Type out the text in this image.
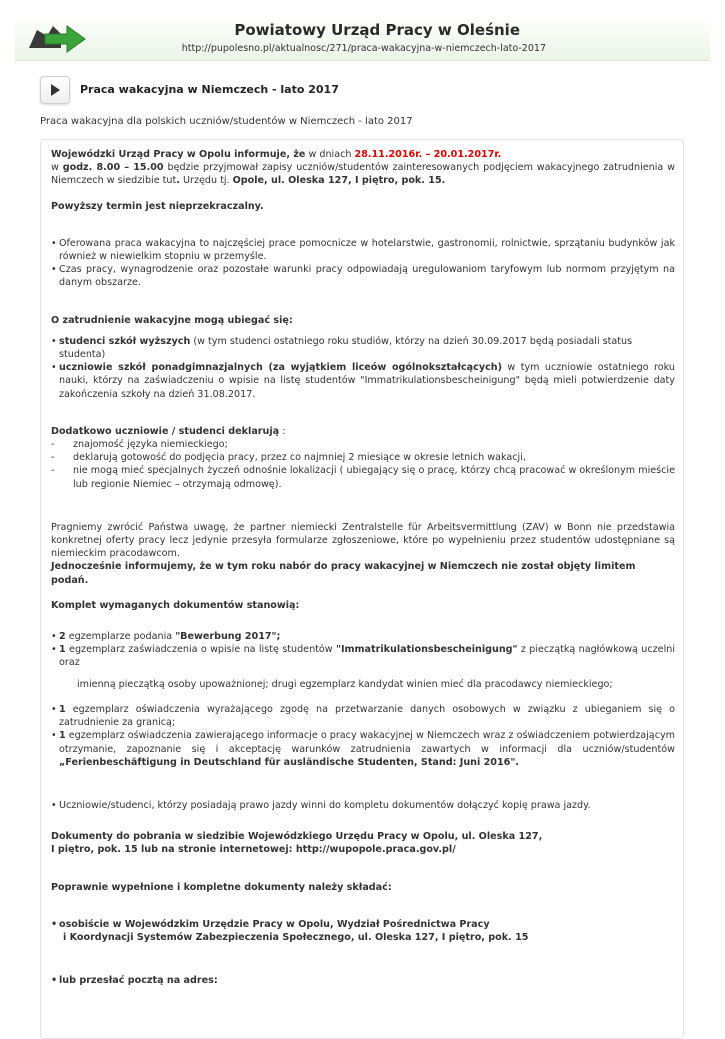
Powiatowy Urząd Pracy w Oleśnie
http://pupolesno.pl/aktualnosc/271/praca-wakacyjna-w-niemczech-lato-2017
Praca wakacyjna w Niemczech - lato 2017
Praca wakacyjna dla polskich uczniów/studentów w Niemczech - lato 2017

Wojewódzki Urząd Pracy w Opolu informuje, że w dniach 28.11.2016r. – 20.01.2017r.
w godz. 8.00 – 15.00 będzie przyjmował zapisy uczniów/studentów zainteresowanych podjęciem wakacyjnego zatrudnienia w Niemczech w siedzibie tut. Urzędu tj. Opole, ul. Oleska 127, I piętro, pok. 15.

Powyższy termin jest nieprzekraczalny.

• Oferowana praca wakacyjna to najczęściej prace pomocnicze w hotelarstwie, gastronomii, rolnictwie, sprzątaniu budynków jak również w niewielkim stopniu w przemyśle.
• Czas pracy, wynagrodzenie oraz pozostałe warunki pracy odpowiadają uregulowaniom taryfowym lub normom przyjętym na danym obszarze.

O zatrudnienie wakacyjne mogą ubiegać się:

• studenci szkół wyższych (w tym studenci ostatniego roku studiów, którzy na dzień 30.09.2017 będą posiadali status studenta)
• uczniowie szkół ponadgimnazjalnych (za wyjątkiem liceów ogólnokształcących) w tym uczniowie ostatniego roku nauki, którzy na zaświadczeniu o wpisie na listę studentów "Immatrikulationsbescheinigung" będą mieli potwierdzenie daty zakończenia szkoły na dzień 31.08.2017.

Dodatkowo uczniowie / studenci deklarują :

- znajomość języka niemieckiego;
- deklarują gotowość do podjęcia pracy, przez co najmniej 2 miesiące w okresie letnich wakacji,
- nie mogą mieć specjalnych życzeń odnośnie lokalizacji ( ubiegający się o pracę, którzy chcą pracować w określonym mieście lub regionie Niemiec – otrzymają odmowę).

Pragniemy zwrócić Państwa uwagę, że partner niemiecki Zentralstelle für Arbeitsvermittlung (ZAV) w Bonn nie przedstawia konkretnej oferty pracy lecz jedynie przesyła formularze zgłoszeniowe, które po wypełnieniu przez studentów udostępniane są niemieckim pracodawcom.

Jednocześnie informujemy, że w tym roku nabór do pracy wakacyjnej w Niemczech nie został objęty limitem podań.

Komplet wymaganych dokumentów stanowią:

• 2 egzemplarze podania "Bewerbung 2017";
• 1 egzemplarz zaświadczenia o wpisie na listę studentów "Immatrikulationsbescheinigung" z pieczątką nagłówkową uczelni oraz

imienną pieczątką osoby upoważnionej; drugi egzemplarz kandydat winien mieć dla pracodawcy niemieckiego;

• 1 egzemplarz oświadczenia wyrażającego zgodę na przetwarzanie danych osobowych w związku z ubieganiem się o zatrudnienie za granicą;
• 1 egzemplarz oświadczenia zawierającego informacje o pracy wakacyjnej w Niemczech wraz z oświadczeniem potwierdzającym otrzymanie, zapoznanie się i akceptację warunków zatrudnienia zawartych w informacji dla uczniów/studentów „Ferienbeschäftigung in Deutschland für ausländische Studenten, Stand: Juni 2016".
• Uczniowie/studenci, którzy posiadają prawo jazdy winni do kompletu dokumentów dołączyć kopię prawa jazdy.

Dokumenty do pobrania w siedzibie Wojewódzkiego Urzędu Pracy w Opolu, ul. Oleska 127,

I piętro, pok. 15 lub na stronie internetowej: http://wupopole.praca.gov.pl/

Poprawnie wypełnione i kompletne dokumenty należy składać:

• osobiście w Wojewódzkim Urzędzie Pracy w Opolu, Wydział Pośrednictwa Pracy
i Koordynacji Systemów Zabezpieczenia Społecznego, ul. Oleska 127, I piętro, pok. 15
• lub przesłać pocztą na adres:
